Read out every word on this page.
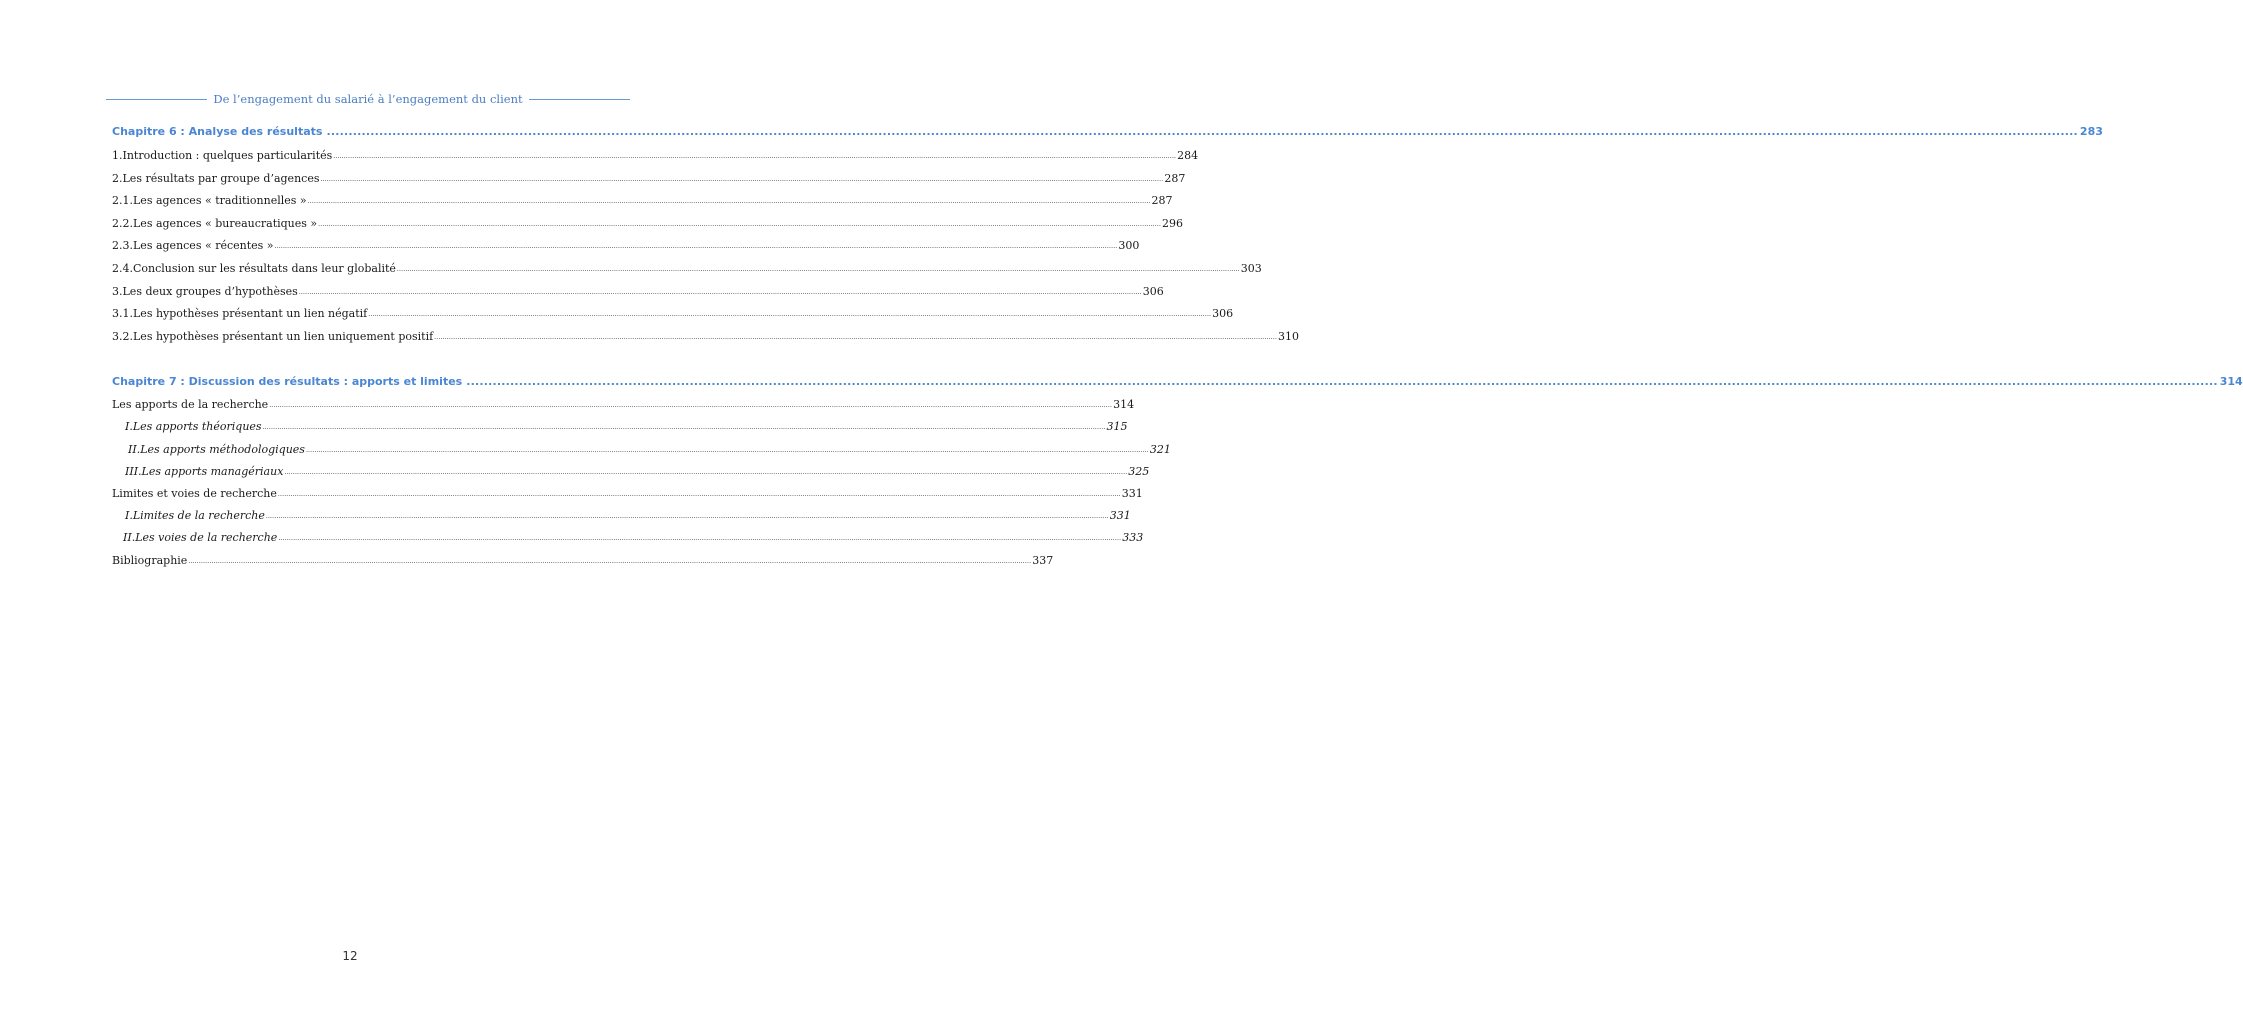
De l’engagement du salarié à l’engagement du client
Chapitre 6 : Analyse des résultats ................................................................................................................................................................................................................................................................................................................................................................................................................ 283
1. Introduction : quelques particularités ................................................................................................................................................................................................................................................................................................................................................................................................................ 284
2. Les résultats par groupe d’agences ................................................................................................................................................................................................................................................................................................................................................................................................................ 287
2.1. Les agences « traditionnelles » ................................................................................................................................................................................................................................................................................................................................................................................................................ 287
2.2. Les agences « bureaucratiques » ................................................................................................................................................................................................................................................................................................................................................................................................................ 296
2.3. Les agences « récentes » ................................................................................................................................................................................................................................................................................................................................................................................................................ 300
2.4. Conclusion sur les résultats dans leur globalité ................................................................................................................................................................................................................................................................................................................................................................................................................ 303
3. Les deux groupes d’hypothèses ................................................................................................................................................................................................................................................................................................................................................................................................................ 306
3.1. Les hypothèses présentant un lien négatif ................................................................................................................................................................................................................................................................................................................................................................................................................ 306
3.2. Les hypothèses présentant un lien uniquement positif ................................................................................................................................................................................................................................................................................................................................................................................................................ 310
Chapitre 7 : Discussion des résultats : apports et limites ................................................................................................................................................................................................................................................................................................................................................................................................................ 314
Les apports de la recherche ................................................................................................................................................................................................................................................................................................................................................................................................................ 314
I. Les apports théoriques ................................................................................................................................................................................................................................................................................................................................................................................................................ 315
II. Les apports méthodologiques ................................................................................................................................................................................................................................................................................................................................................................................................................ 321
III. Les apports managériaux ................................................................................................................................................................................................................................................................................................................................................................................................................ 325
Limites et voies de recherche ................................................................................................................................................................................................................................................................................................................................................................................................................ 331
I. Limites de la recherche ................................................................................................................................................................................................................................................................................................................................................................................................................ 331
II. Les voies de la recherche ................................................................................................................................................................................................................................................................................................................................................................................................................ 333
Bibliographie ................................................................................................................................................................................................................................................................................................................................................................................................................ 337
12
